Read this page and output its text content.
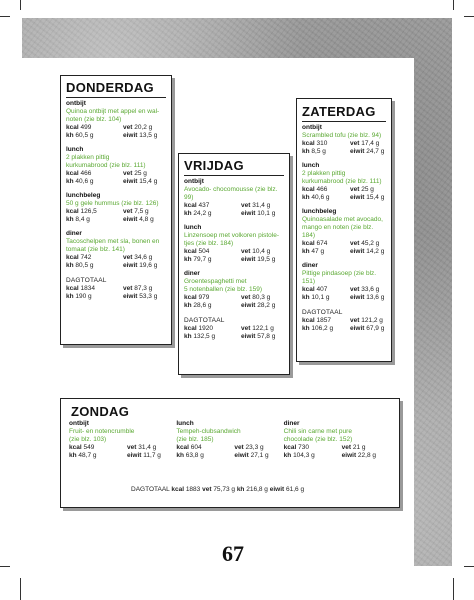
DONDERDAG
ontbijt
Quinoa ontbijt met appel en wal-
noten (zie blz. 104)
kcal 499	vet 20,2 g
kh 60,5 g	eiwit 13,5 g
lunch
2 plakken pittig
kurkumabrood (zie blz. 111)
kcal 466	vet 25 g
kh 40,6 g	eiwit 15,4 g
lunchbeleg
50 g gele hummus (zie blz. 126)
kcal 126,5	vet 7,5 g
kh 8,4 g	eiwit 4,8 g
diner
Tacoschelpen met sla, bonen en
tomaat (zie blz. 141)
kcal 742	vet 34,6 g
kh 80,5 g	eiwit 19,6 g
DAGTOTAAL
kcal 1834	vet 87,3 g
kh 190 g	eiwit 53,3 g
VRIJDAG
ontbijt
Avocado- chocomousse (zie blz.
99)
kcal 437	vet 31,4 g
kh 24,2 g	eiwit 10,1 g
lunch
Linzensoep met volkoren pistole-
tjes (zie blz. 184)
kcal 504	vet 10,4 g
kh 79,7 g	eiwit 19,5 g
diner
Groentespaghetti met
5 notenballen (zie blz. 159)
kcal 979	vet 80,3 g
kh 28,6 g	eiwit 28,2 g
DAGTOTAAL
kcal 1920	vet 122,1 g
kh 132,5 g	eiwit 57,8 g
ZATERDAG
ontbijt
Scrambled tofu (zie blz. 94)
kcal 310	vet 17,4 g
kh 8,5 g	eiwit 24,7 g
lunch
2 plakken pittig
kurkumabrood (zie blz. 111)
kcal 466	vet 25 g
kh 40,6 g	eiwit 15,4 g
lunchbeleg
Quinoasalade met avocado,
mango en noten (zie blz. 184)
kcal 674	vet 45,2 g
kh 47 g	eiwit 14,2 g
diner
Pittige pindasoep (zie blz. 151)
kcal 407	vet 33,6 g
kh 10,1 g	eiwit 13,6 g
DAGTOTAAL
kcal 1857	vet 121,2 g
kh 106,2 g	eiwit 67,9 g
ZONDAG
ontbijt
Fruit- en notencrumble
(zie blz. 103)
kcal 549	vet 31,4 g
kh 48,7 g	eiwit 11,7 g
lunch
Tempeh-clubsandwich
(zie blz. 185)
kcal 604	vet 23,3 g
kh 63,8 g	eiwit 27,1 g
diner
Chili sin carne met pure
chocolade (zie blz. 152)
kcal 730	vet 21 g
kh 104,3 g	eiwit 22,8 g
DAGTOTAAL kcal 1883 vet 75,73 g kh 216,8 g eiwit 61,6 g
67
